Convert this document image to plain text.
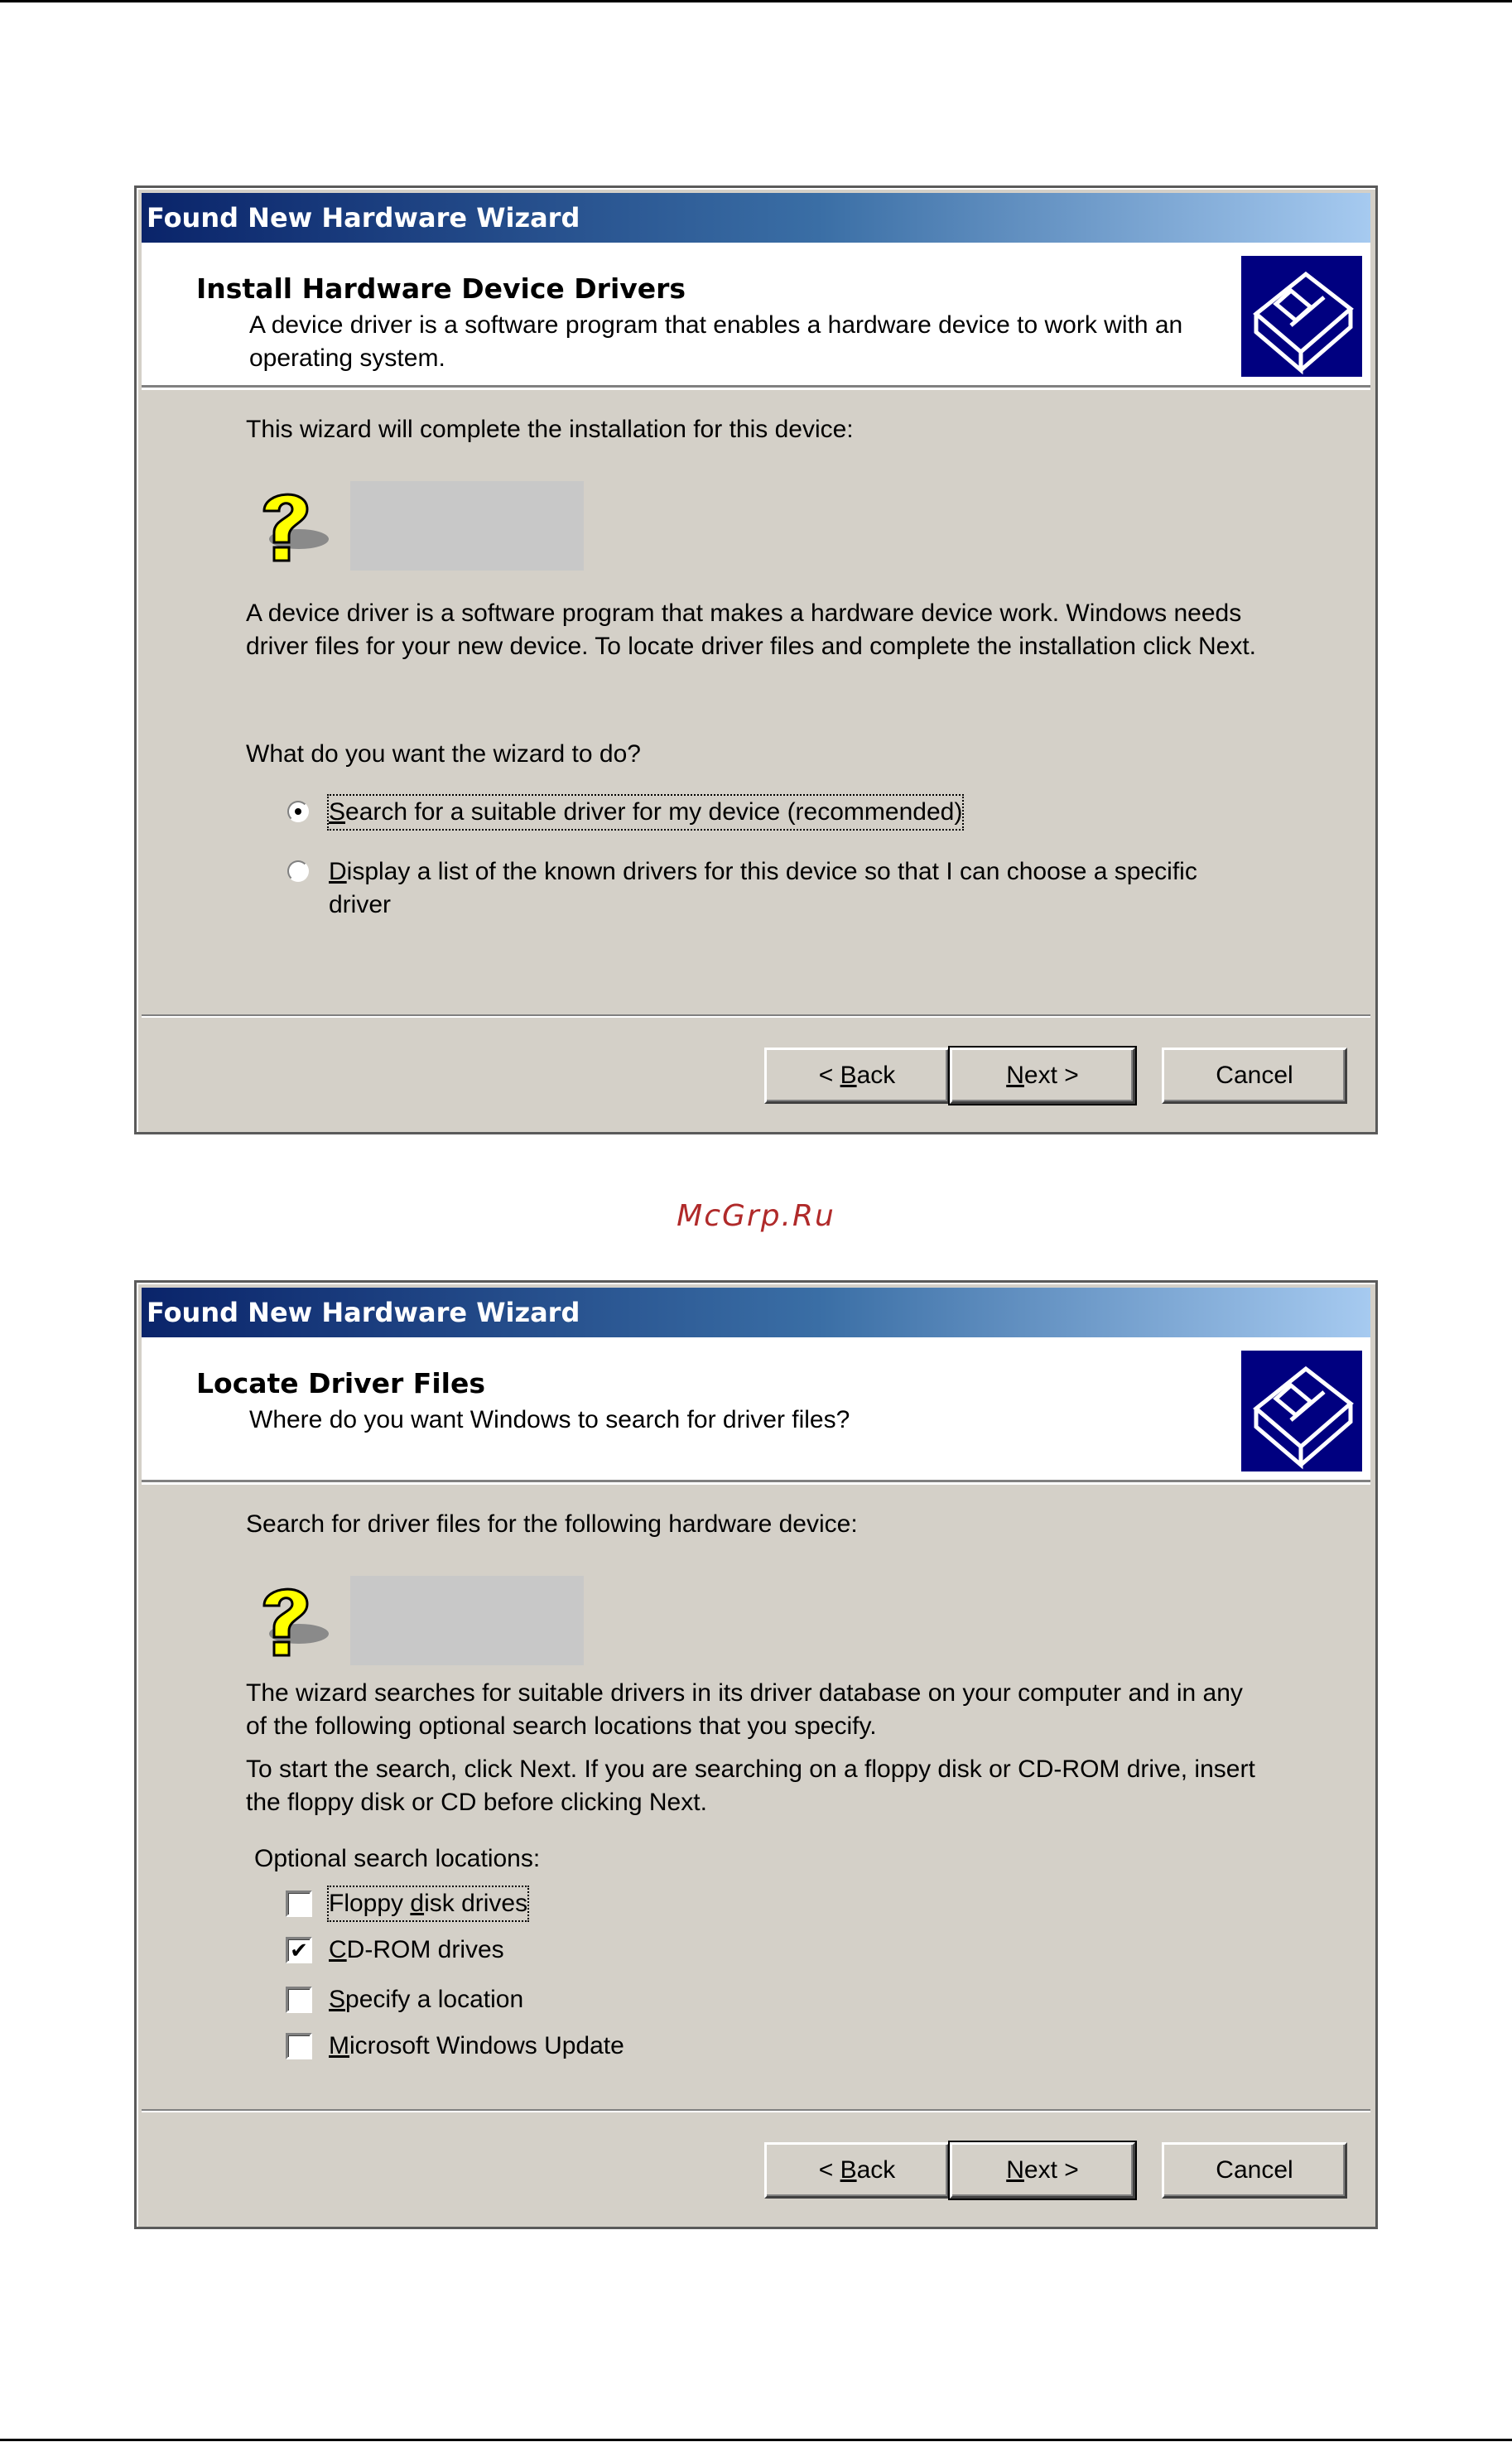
Found New Hardware Wizard
Install Hardware Device Drivers
A device driver is a software program that enables a hardware device to work with an operating system.
This wizard will complete the installation for this device:
A device driver is a software program that makes a hardware device work. Windows needs driver files for your new device. To locate driver files and complete the installation click Next.
What do you want the wizard to do?
Search for a suitable driver for my device (recommended)
Display a list of the known drivers for this device so that I can choose a specific driver
< Back	Next >	Cancel
McGrp.Ru
Found New Hardware Wizard
Locate Driver Files
Where do you want Windows to search for driver files?
Search for driver files for the following hardware device:
The wizard searches for suitable drivers in its driver database on your computer and in any of the following optional search locations that you specify.
To start the search, click Next. If you are searching on a floppy disk or CD-ROM drive, insert the floppy disk or CD before clicking Next.
Optional search locations:
Floppy disk drives
✔ CD-ROM drives
Specify a location
Microsoft Windows Update
< Back	Next >	Cancel
